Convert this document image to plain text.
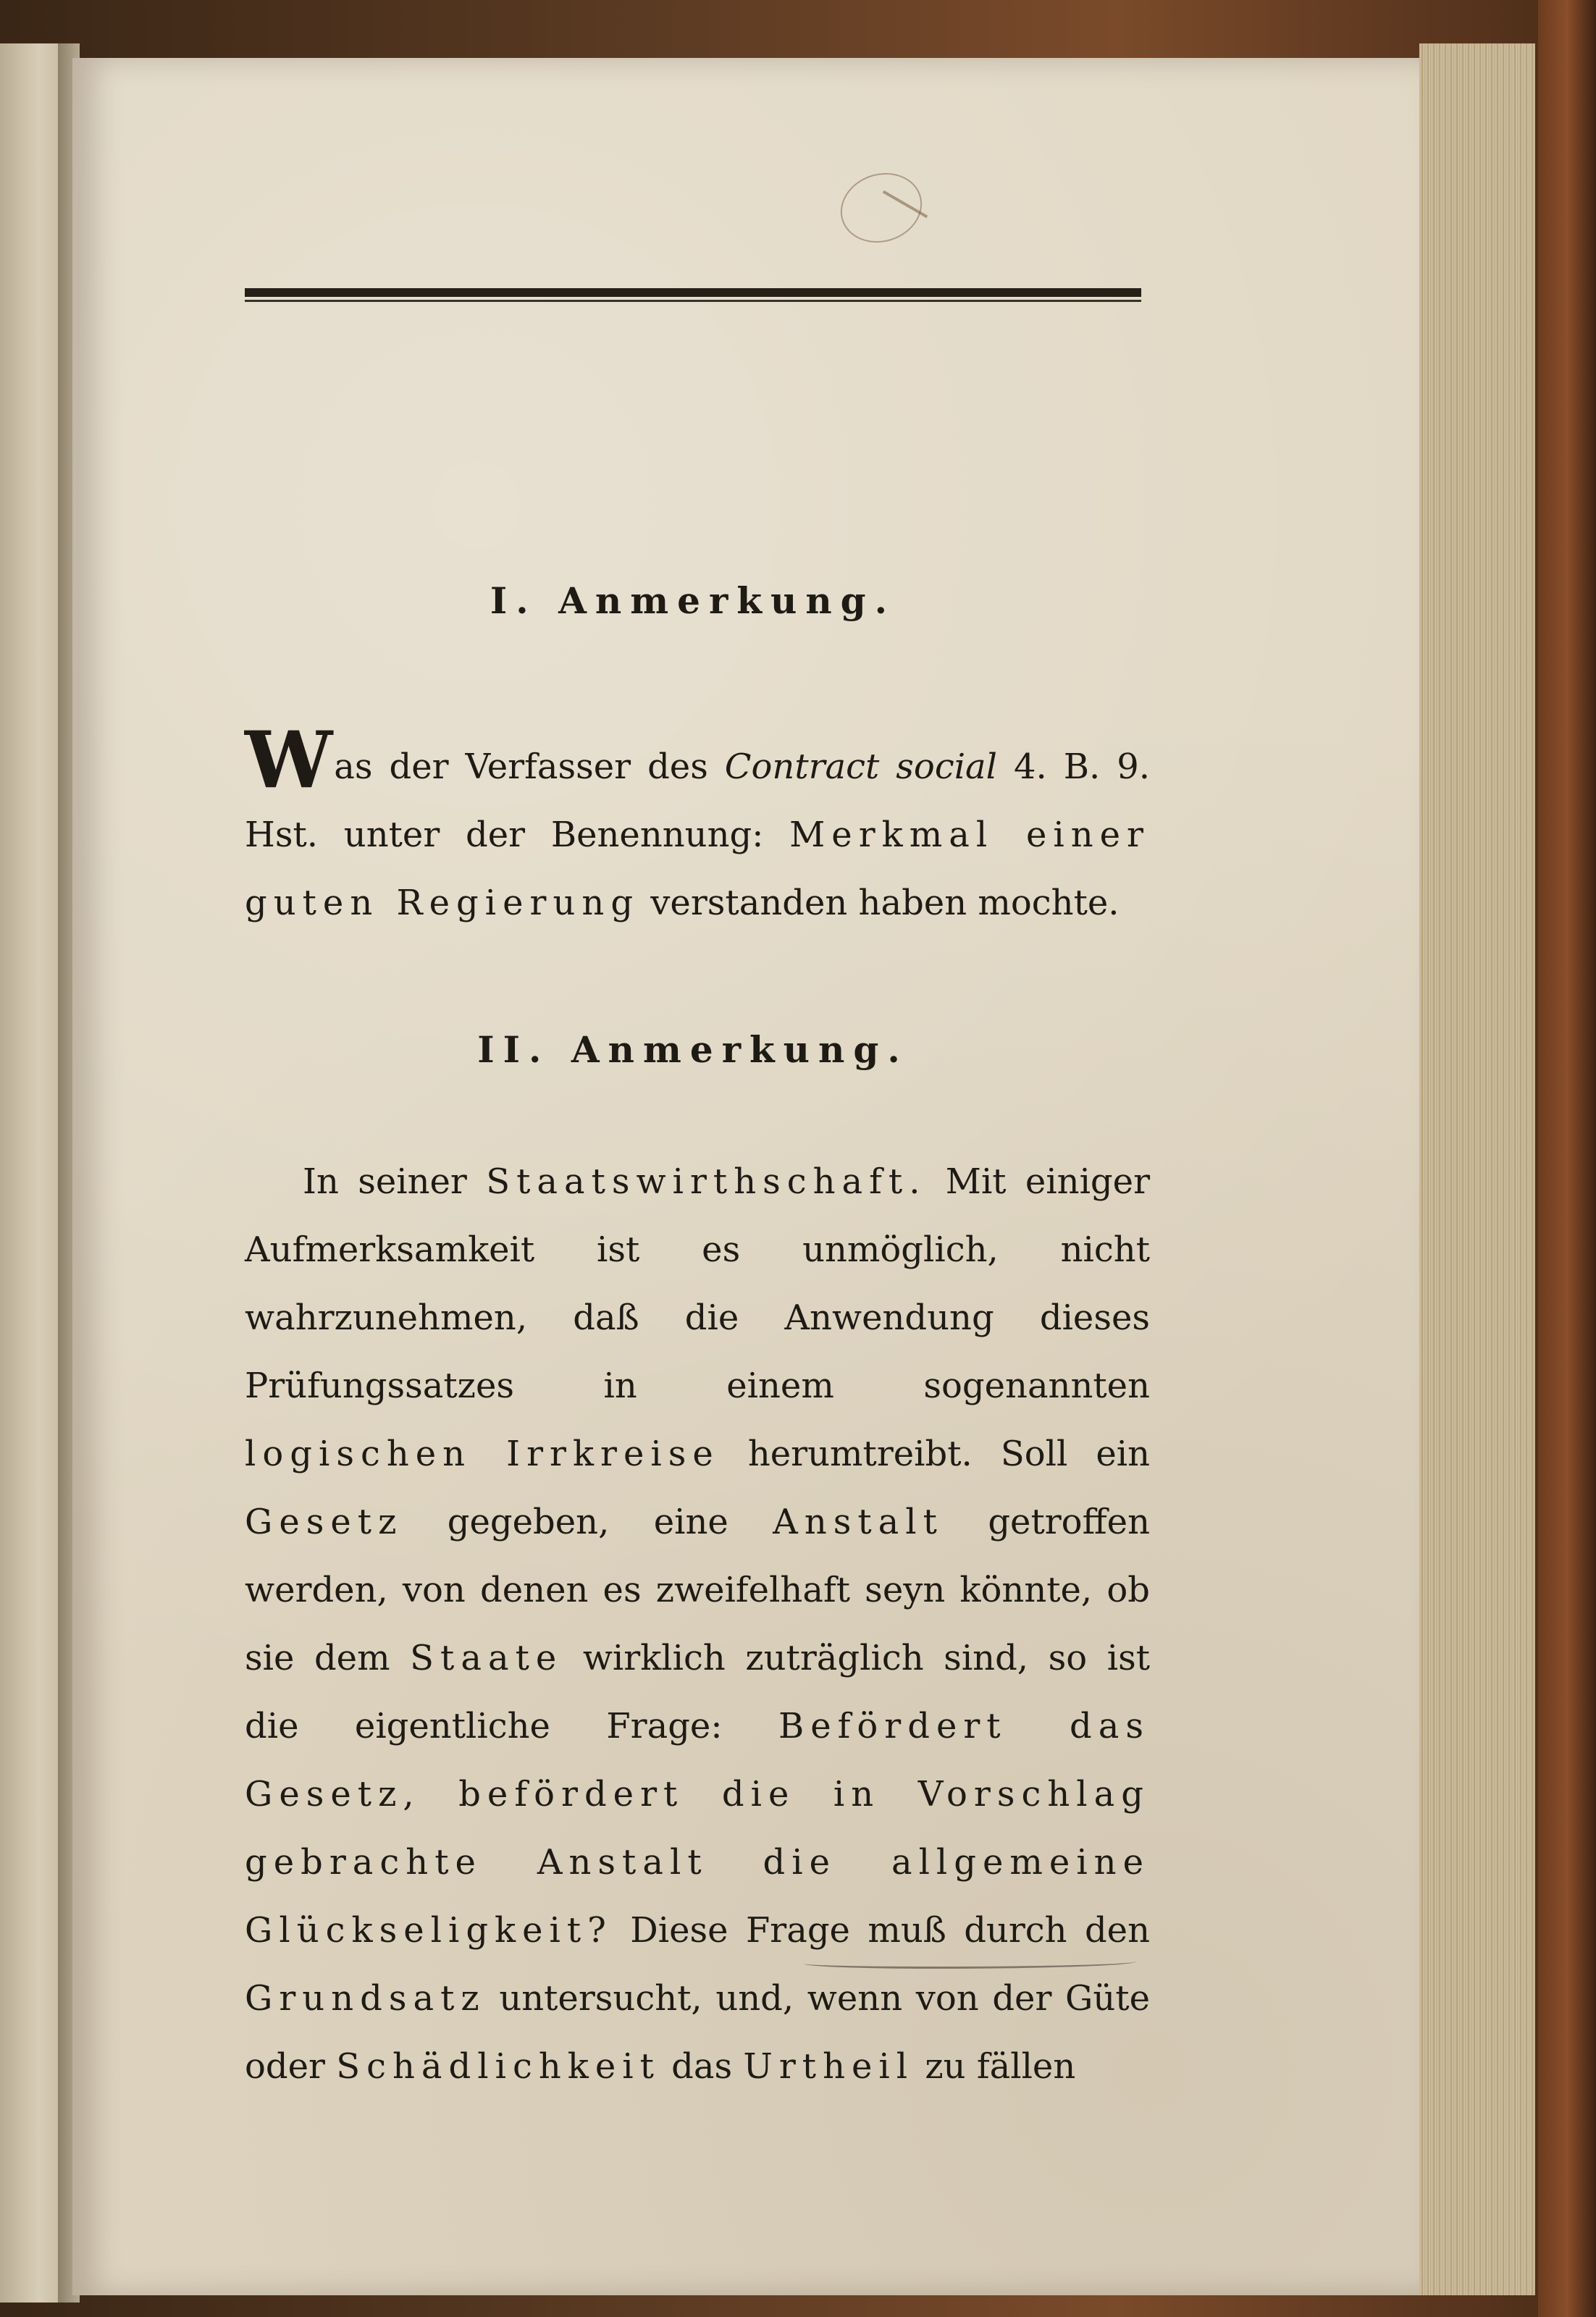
I. Anmerkung.

Was der Verfasser des Contract social 4. B. 9. Hst. unter der Benennung: Merkmal einer guten Regierung verstanden haben mochte.

II. Anmerkung.

In seiner Staatswirthschaft. Mit einiger Aufmerksamkeit ist es unmöglich, nicht wahrzunehmen, daß die Anwendung dieses Prüfungssatzes in einem sogenannten logischen Irrkreise herumtreibt. Soll ein Gesetz gegeben, eine Anstalt getroffen werden, von denen es zweifelhaft seyn könnte, ob sie dem Staate wirklich zuträglich sind, so ist die eigentliche Frage: Befördert das Gesetz, befördert die in Vorschlag gebrachte Anstalt die allgemeine Glückseligkeit? Diese Frage muß durch den Grundsatz untersucht, und, wenn von der Güte oder Schädlichkeit das Urtheil zu fällen
